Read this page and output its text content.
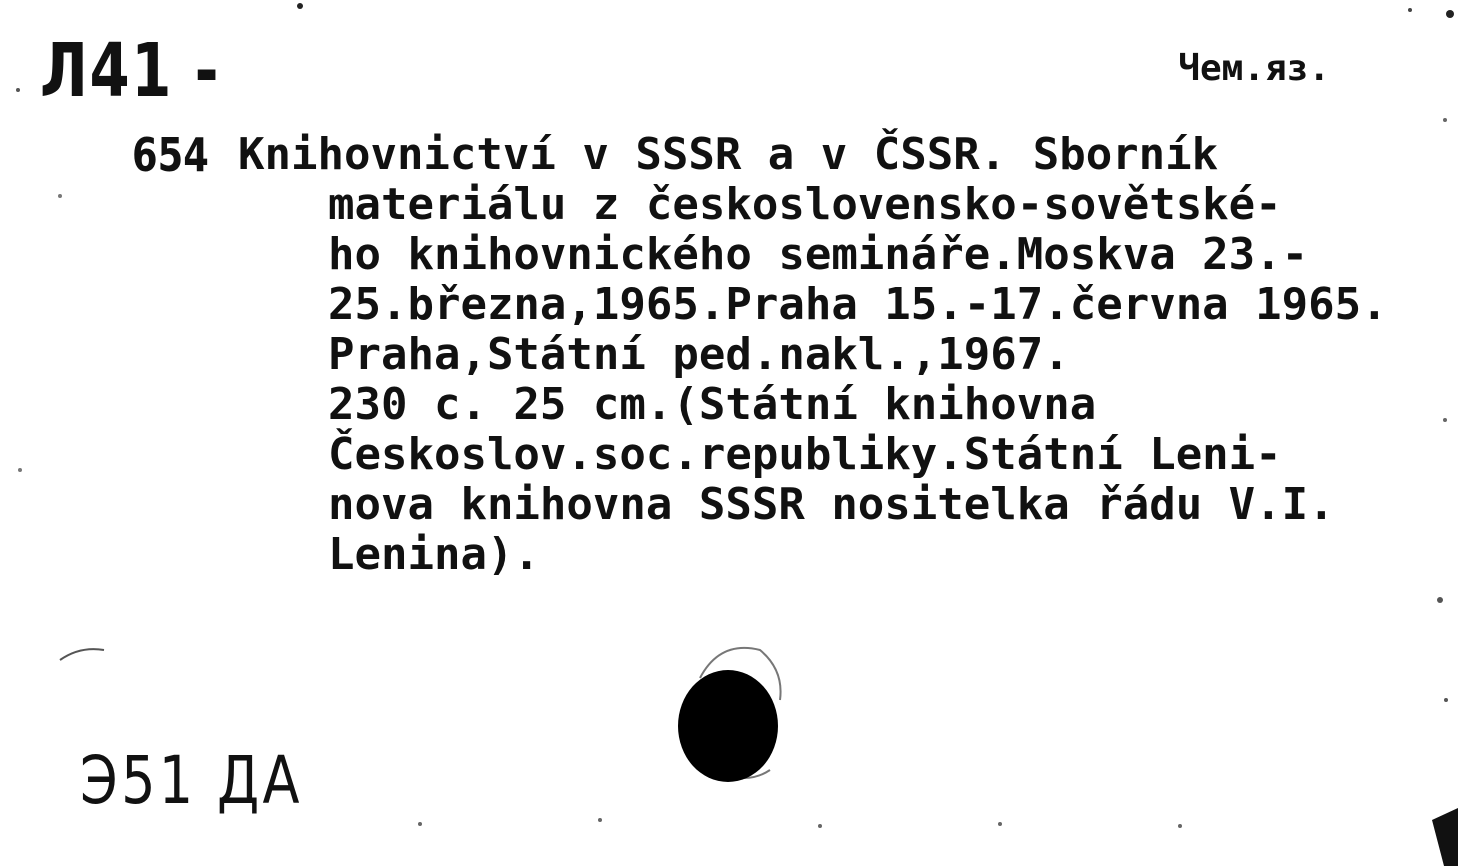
Л41 -

654

Чем.яз.

Knihovnictví v SSSR a v ČSSR. Sborník

materiálu z československo-sovětské-
ho knihovnického semináře.Moskva 23.-
25.března,1965.Praha 15.-17.června 1965.
Praha,Státní ped.nakl.,1967.
230 с. 25 cm.(Státní knihovna
Českoslov.soc.republiky.Státní Leni-
nova knihovna SSSR nositelka řádu V.I.
Lenina).

Э51 ДА
